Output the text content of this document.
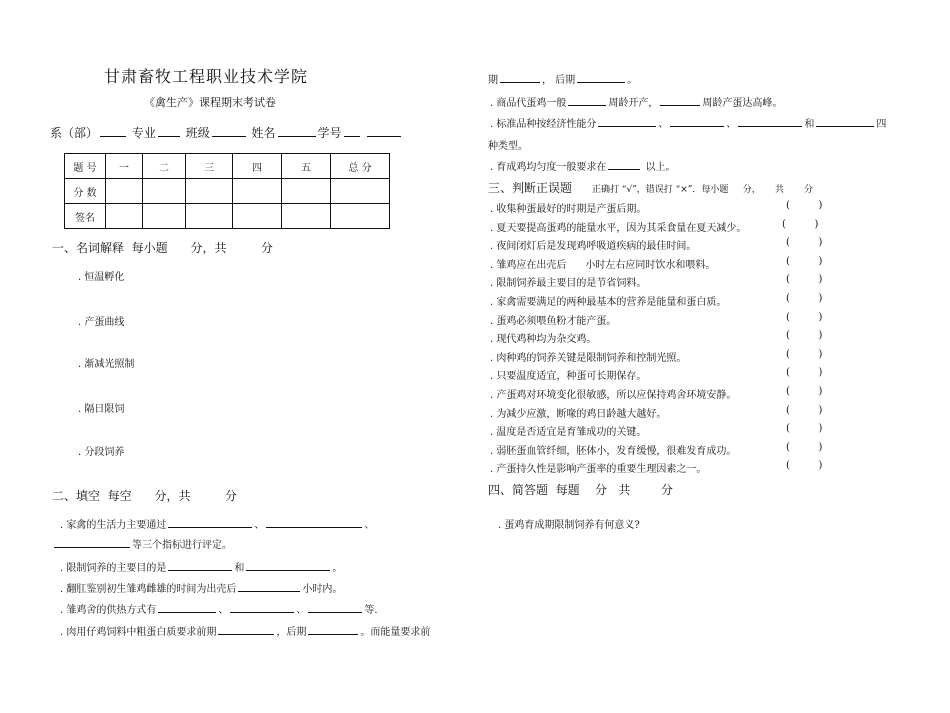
甘肃畜牧工程职业技术学院
《禽生产》课程期末考试卷
系（部）	专业 班级	姓名	学号
题 号	一	二	三	四	五	总 分
分 数						
签名						
一、名词解释  每小题      分，共         分
. 恒温孵化
. 产蛋曲线
. 渐减光照制
. 隔日限饲
. 分段饲养
二、填空  每空      分，共         分
. 家禽的生活力主要通过	、	、
等三个指标进行评定。
. 限制饲养的主要目的是	和	。
. 翻肛鉴别初生雏鸡雌雄的时间为出壳后	小时内。
. 雏鸡舍的供热方式有	、	、	等.
. 肉用仔鸡饲料中粗蛋白质要求前期	，后期	。而能量要求前
期	， 后期	。
. 商品代蛋鸡一般	周龄开产，	周龄产蛋达高峰。
. 标准品种按经济性能分	、	、	和	四
种类型。
. 育成鸡均匀度一般要求在	以上。
三、判断正误题 正确打 “√”，错误打 “×”．每小题     分，     共       分
. 收集种蛋最好的时期是产蛋后期。	(         )
. 夏天要提高蛋鸡的能量水平，因为其采食量在夏天减少。	(         )
. 夜间闭灯后是发现鸡呼吸道疾病的最佳时间。	(         )
. 雏鸡应在出壳后      小时左右应同时饮水和喂料。	(         )
. 限制饲养最主要目的是节省饲料。	(         )
. 家禽需要满足的两种最基本的营养是能量和蛋白质。	(         )
. 蛋鸡必须喂鱼粉才能产蛋。	(         )
. 现代鸡种均为杂交鸡。	(         )
. 肉种鸡的饲养关键是限制饲养和控制光照。	(         )
. 只要温度适宜，种蛋可长期保存。	(         )
. 产蛋鸡对环境变化很敏感，所以应保持鸡舍环境安静。	(         )
. 为减少应激，断喙的鸡日龄越大越好。	(         )
. 温度是否适宜是育雏成功的关键。	(         )
. 弱胚蛋血管纤细，胚体小，发育缓慢，很难发育成功。	(         )
. 产蛋持久性是影响产蛋率的重要生理因素之一。	(         )
四、简答题  每题    分   共        分
. 蛋鸡育成期限制饲养有何意义?
